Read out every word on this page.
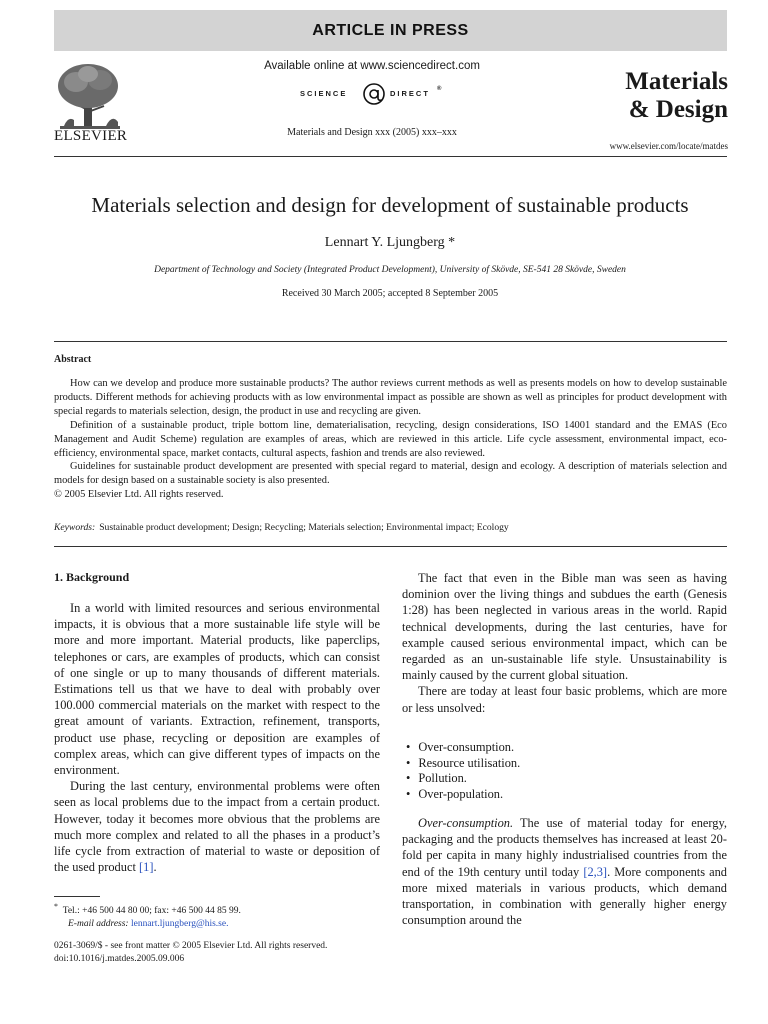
ARTICLE IN PRESS
ELSEVIER
Available online at www.sciencedirect.com
SCIENCE	DIRECT ®
Materials and Design xxx (2005) xxx–xxx
Materials
& Design
www.elsevier.com/locate/matdes
Materials selection and design for development of sustainable products
Lennart Y. Ljungberg *
Department of Technology and Society (Integrated Product Development), University of Skövde, SE-541 28 Skövde, Sweden
Received 30 March 2005; accepted 8 September 2005
Abstract

How can we develop and produce more sustainable products? The author reviews current methods as well as presents models on how to develop sustainable products. Different methods for achieving products with as low environmental impact as possible are shown as well as principles for product development with special regards to materials selection, design, the product in use and recycling are given.

Definition of a sustainable product, triple bottom line, dematerialisation, recycling, design considerations, ISO 14001 standard and the EMAS (Eco Management and Audit Scheme) regulation are examples of areas, which are reviewed in this article. Life cycle assessment, environmental impact, eco-efficiency, environmental space, market contacts, cultural aspects, fashion and trends are also reviewed.

Guidelines for sustainable product development are presented with special regard to material, design and ecology. A description of materials selection and models for design based on a sustainable society is also presented.

© 2005 Elsevier Ltd. All rights reserved.

Keywords: Sustainable product development; Design; Recycling; Materials selection; Environmental impact; Ecology
1. Background

In a world with limited resources and serious environmental impacts, it is obvious that a more sustainable life style will be more and more important. Material products, like paperclips, telephones or cars, are examples of products, which can consist of one single or up to many thousands of different materials. Estimations tell us that we have to deal with probably over 100.000 commercial materials on the market with respect to the great amount of variants. Extraction, refinement, transports, product use phase, recycling or deposition are examples of complex areas, which can give different types of impacts on the environment.

During the last century, environmental problems were often seen as local problems due to the impact from a certain product. However, today it becomes more obvious that the problems are much more complex and related to all the phases in a product’s life cycle from extraction of material to waste or deposition of the used product [1].

The fact that even in the Bible man was seen as having dominion over the living things and subdues the earth (Genesis 1:28) has been neglected in various areas in the world. Rapid technical developments, during the last centuries, have for example caused serious environmental impact, which can be regarded as an un-sustainable life style. Unsustainability is mainly caused by the current global situation.

There are today at least four basic problems, which are more or less unsolved:

• Over-consumption.
• Resource utilisation.
• Pollution.
• Over-population.

Over-consumption. The use of material today for energy, packaging and the products themselves has increased at least 20-fold per capita in many highly industrialised countries from the end of the 19th century until today [2,3]. More components and more mixed materials in various products, which demand transportation, in combination with generally higher energy consumption around the

* Tel.: +46 500 44 80 00; fax: +46 500 44 85 99.
E-mail address: lennart.ljungberg@his.se.
0261-3069/$ - see front matter © 2005 Elsevier Ltd. All rights reserved.
doi:10.1016/j.matdes.2005.09.006
